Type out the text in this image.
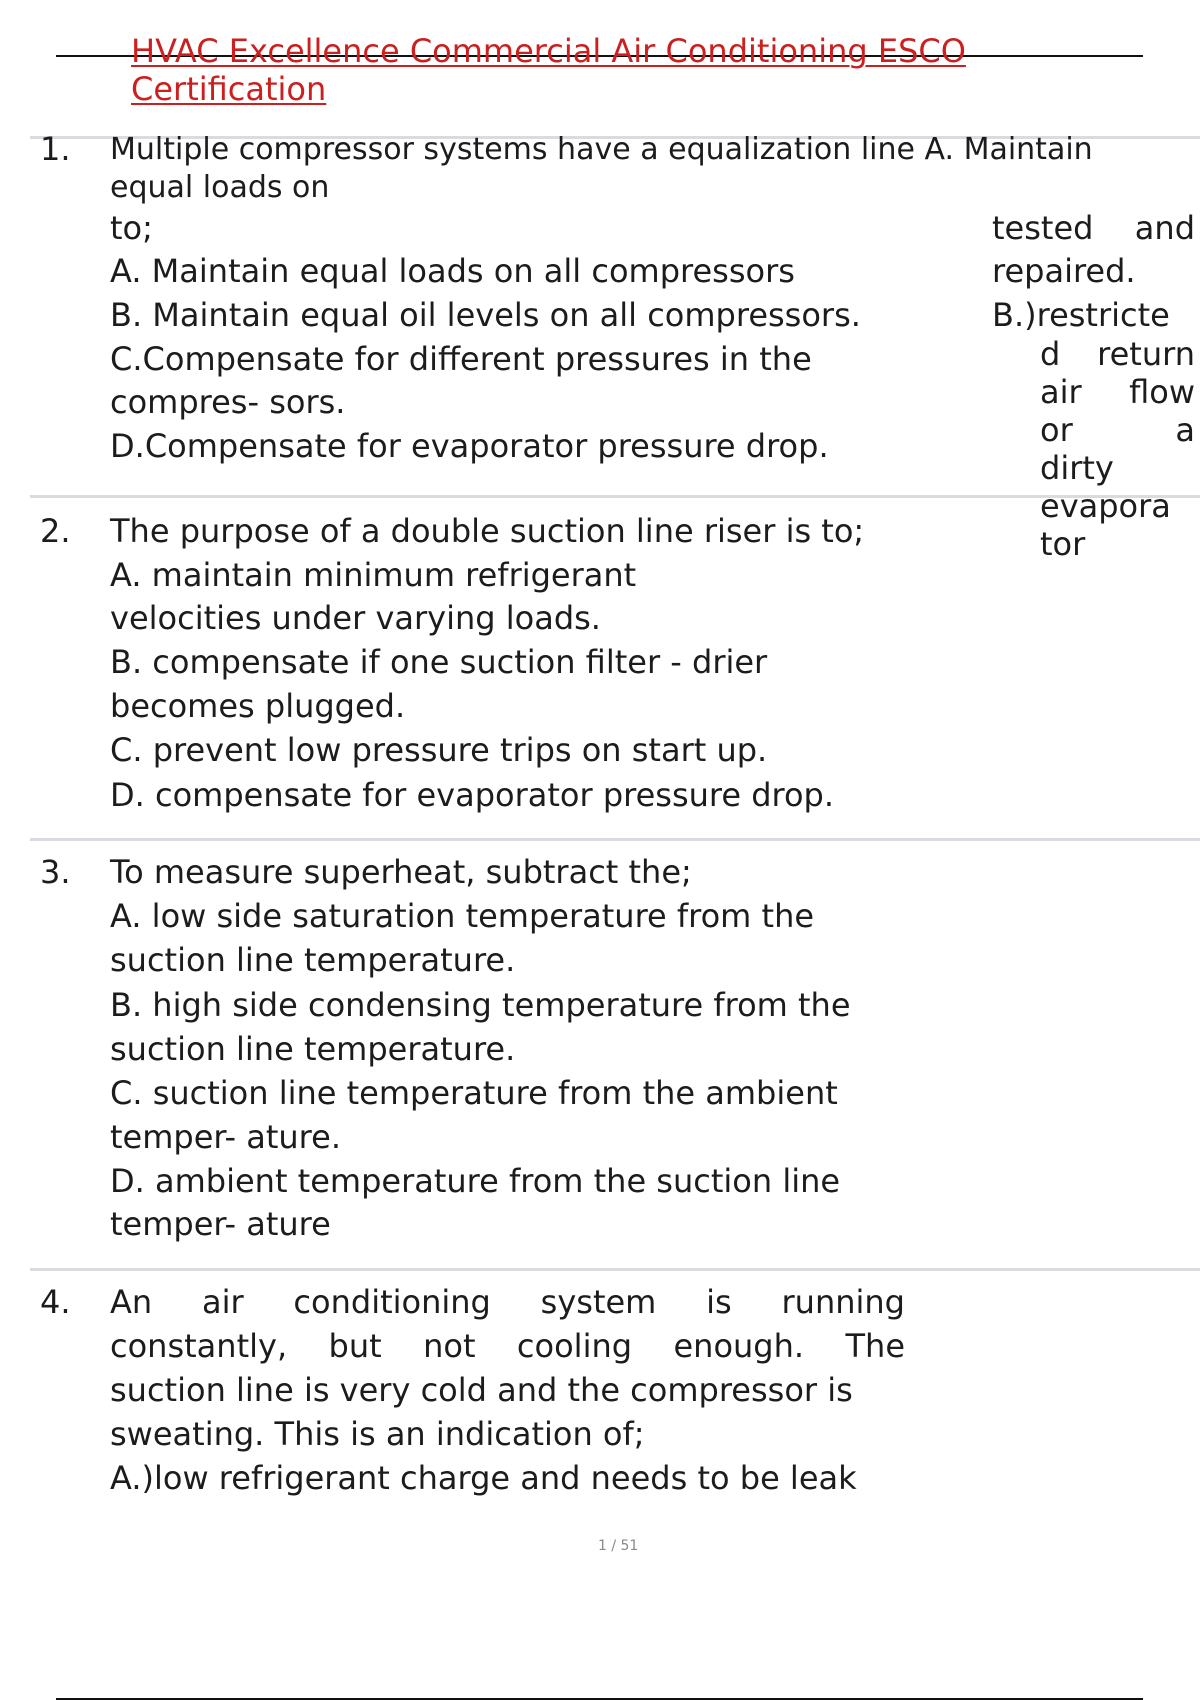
HVAC Excellence Commercial Air Conditioning ESCO
Certification
1. Multiple compressor systems have a equalization line A. Maintain
equal loads on
to;
A. Maintain equal loads on all compressors
B. Maintain equal oil levels on all compressors.
C.Compensate for different pressures in the
compres- sors.
D.Compensate for evaporator pressure drop.
tested and
repaired.
B.)restricte
d return
air flow
or	a
dirty
evapora
tor
2. The purpose of a double suction line riser is to;
A. maintain minimum refrigerant
velocities under varying loads.
B. compensate if one suction filter - drier
becomes plugged.
C. prevent low pressure trips on start up.
D. compensate for evaporator pressure drop.
3. To measure superheat, subtract the;
A. low side saturation temperature from the
suction line temperature.
B. high side condensing temperature from the
suction line temperature.
C. suction line temperature from the ambient
temper- ature.
D. ambient temperature from the suction line
temper- ature
4. An air conditioning system is running
constantly, but not cooling enough. The
suction line is very cold and the compressor is
sweating. This is an indication of;
A.)low refrigerant charge and needs to be leak
1 / 51
